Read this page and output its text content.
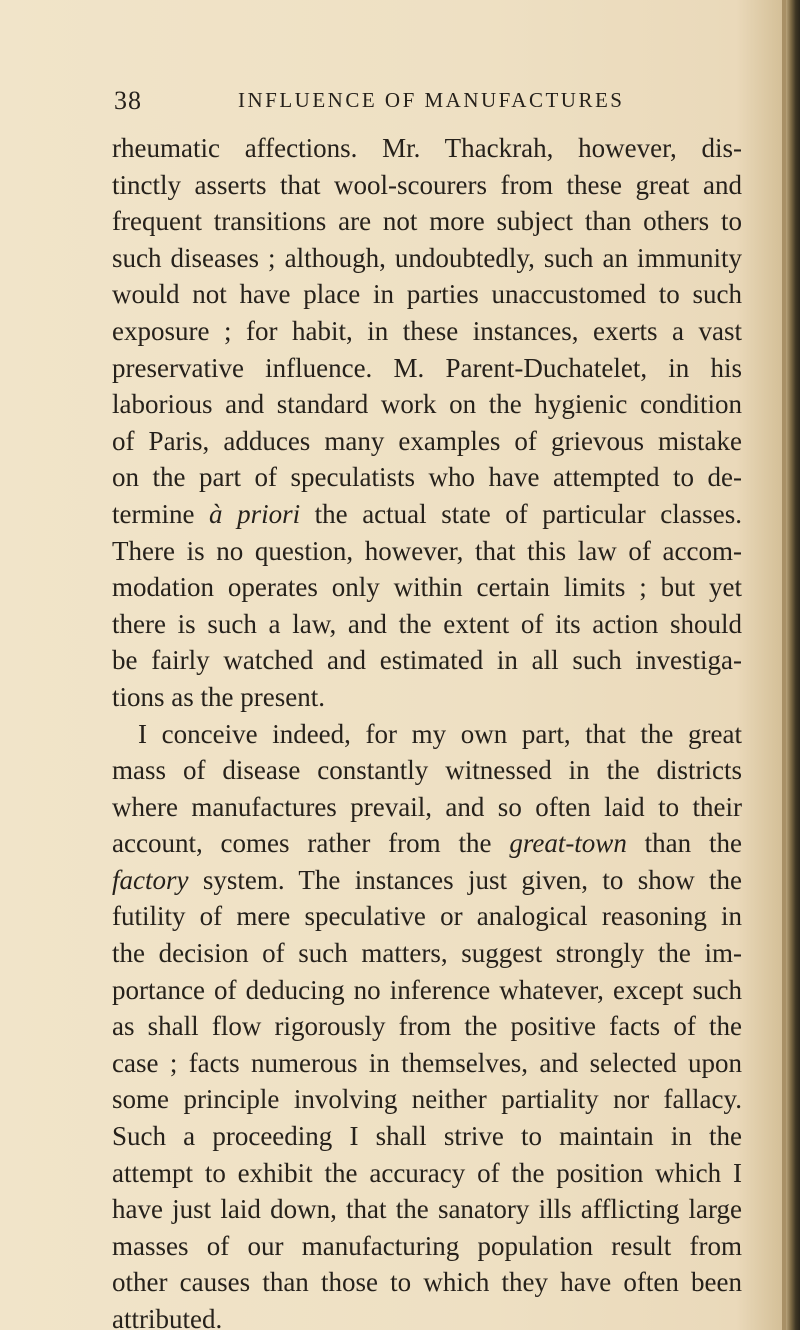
38	INFLUENCE OF MANUFACTURES
rheumatic affections. Mr. Thackrah, however, dis-
tinctly asserts that wool-scourers from these great and
frequent transitions are not more subject than others to
such diseases ; although, undoubtedly, such an immunity
would not have place in parties unaccustomed to such
exposure ; for habit, in these instances, exerts a vast
preservative influence. M. Parent-Duchatelet, in his
laborious and standard work on the hygienic condition
of Paris, adduces many examples of grievous mistake
on the part of speculatists who have attempted to de-
termine à priori the actual state of particular classes.
There is no question, however, that this law of accom-
modation operates only within certain limits ; but yet
there is such a law, and the extent of its action should
be fairly watched and estimated in all such investiga-
tions as the present.
I conceive indeed, for my own part, that the great
mass of disease constantly witnessed in the districts
where manufactures prevail, and so often laid to their
account, comes rather from the great-town than the
factory system. The instances just given, to show the
futility of mere speculative or analogical reasoning in
the decision of such matters, suggest strongly the im-
portance of deducing no inference whatever, except such
as shall flow rigorously from the positive facts of the
case ; facts numerous in themselves, and selected upon
some principle involving neither partiality nor fallacy.
Such a proceeding I shall strive to maintain in the
attempt to exhibit the accuracy of the position which I
have just laid down, that the sanatory ills afflicting large
masses of our manufacturing population result from
other causes than those to which they have often been
attributed.
